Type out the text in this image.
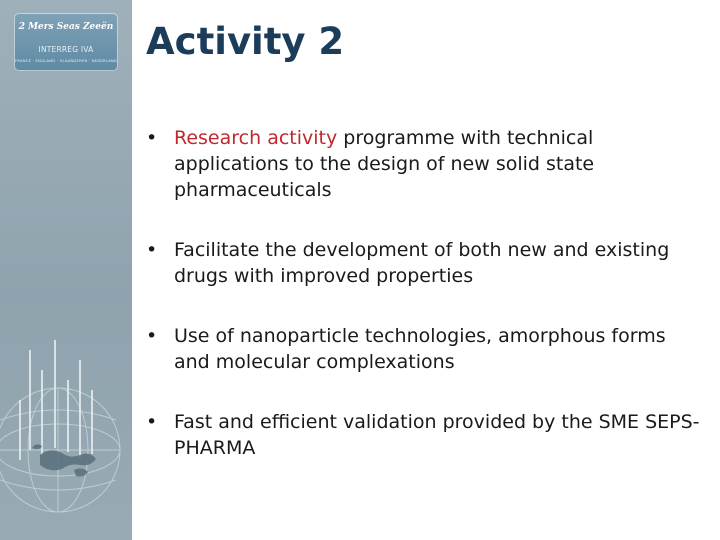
2 Mers Seas Zeeën
INTERREG IVA
FRANCE · ENGLAND · VLAANDEREN · NEDERLAND Activity 2
• Research activity programme with technical applications to the design of new solid state pharmaceuticals
• Facilitate the development of both new and existing drugs with improved properties
• Use of nanoparticle technologies, amorphous forms and molecular complexations
• Fast and efficient validation provided by the SME SEPS-PHARMA
